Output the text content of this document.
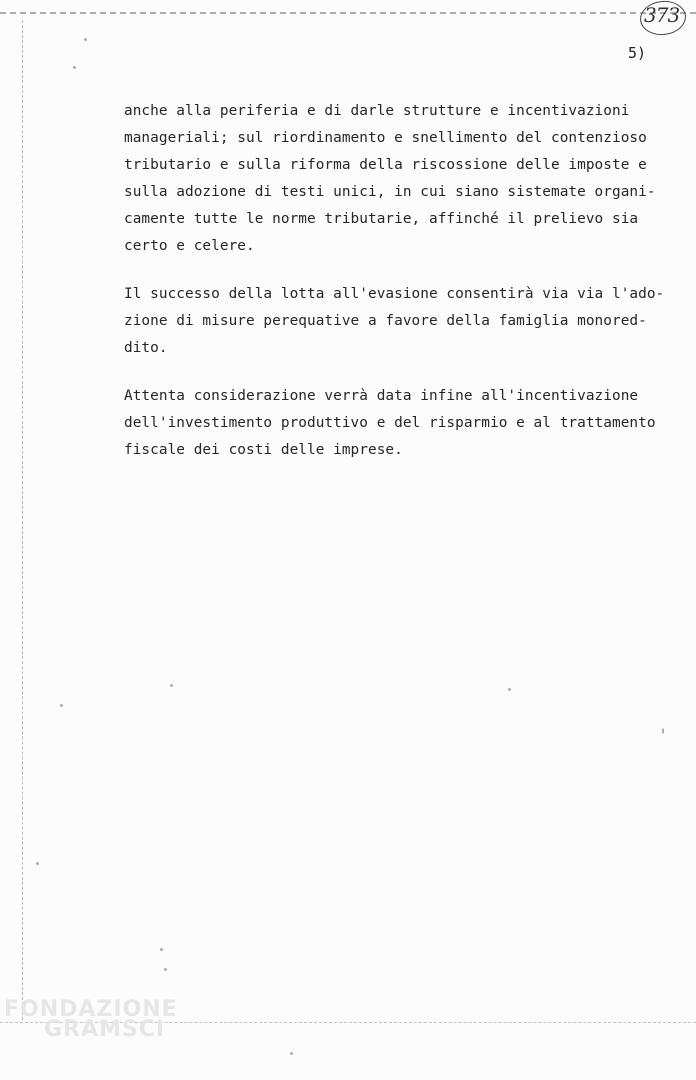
373
5)
anche alla periferia e di darle strutture e incentivazioni
manageriali; sul riordinamento e snellimento del contenzioso
tributario e sulla riforma della riscossione delle imposte e
sulla adozione di testi unici, in cui siano sistemate organi-
camente tutte le norme tributarie, affinché il prelievo sia
certo e celere.
Il successo della lotta all'evasione consentirà via via l'ado-
zione di misure perequative a favore della famiglia monored-
dito.
Attenta considerazione verrà data infine all'incentivazione
dell'investimento produttivo e del risparmio e al trattamento
fiscale dei costi delle imprese.
FONDAZIONE
GRAMSCI
